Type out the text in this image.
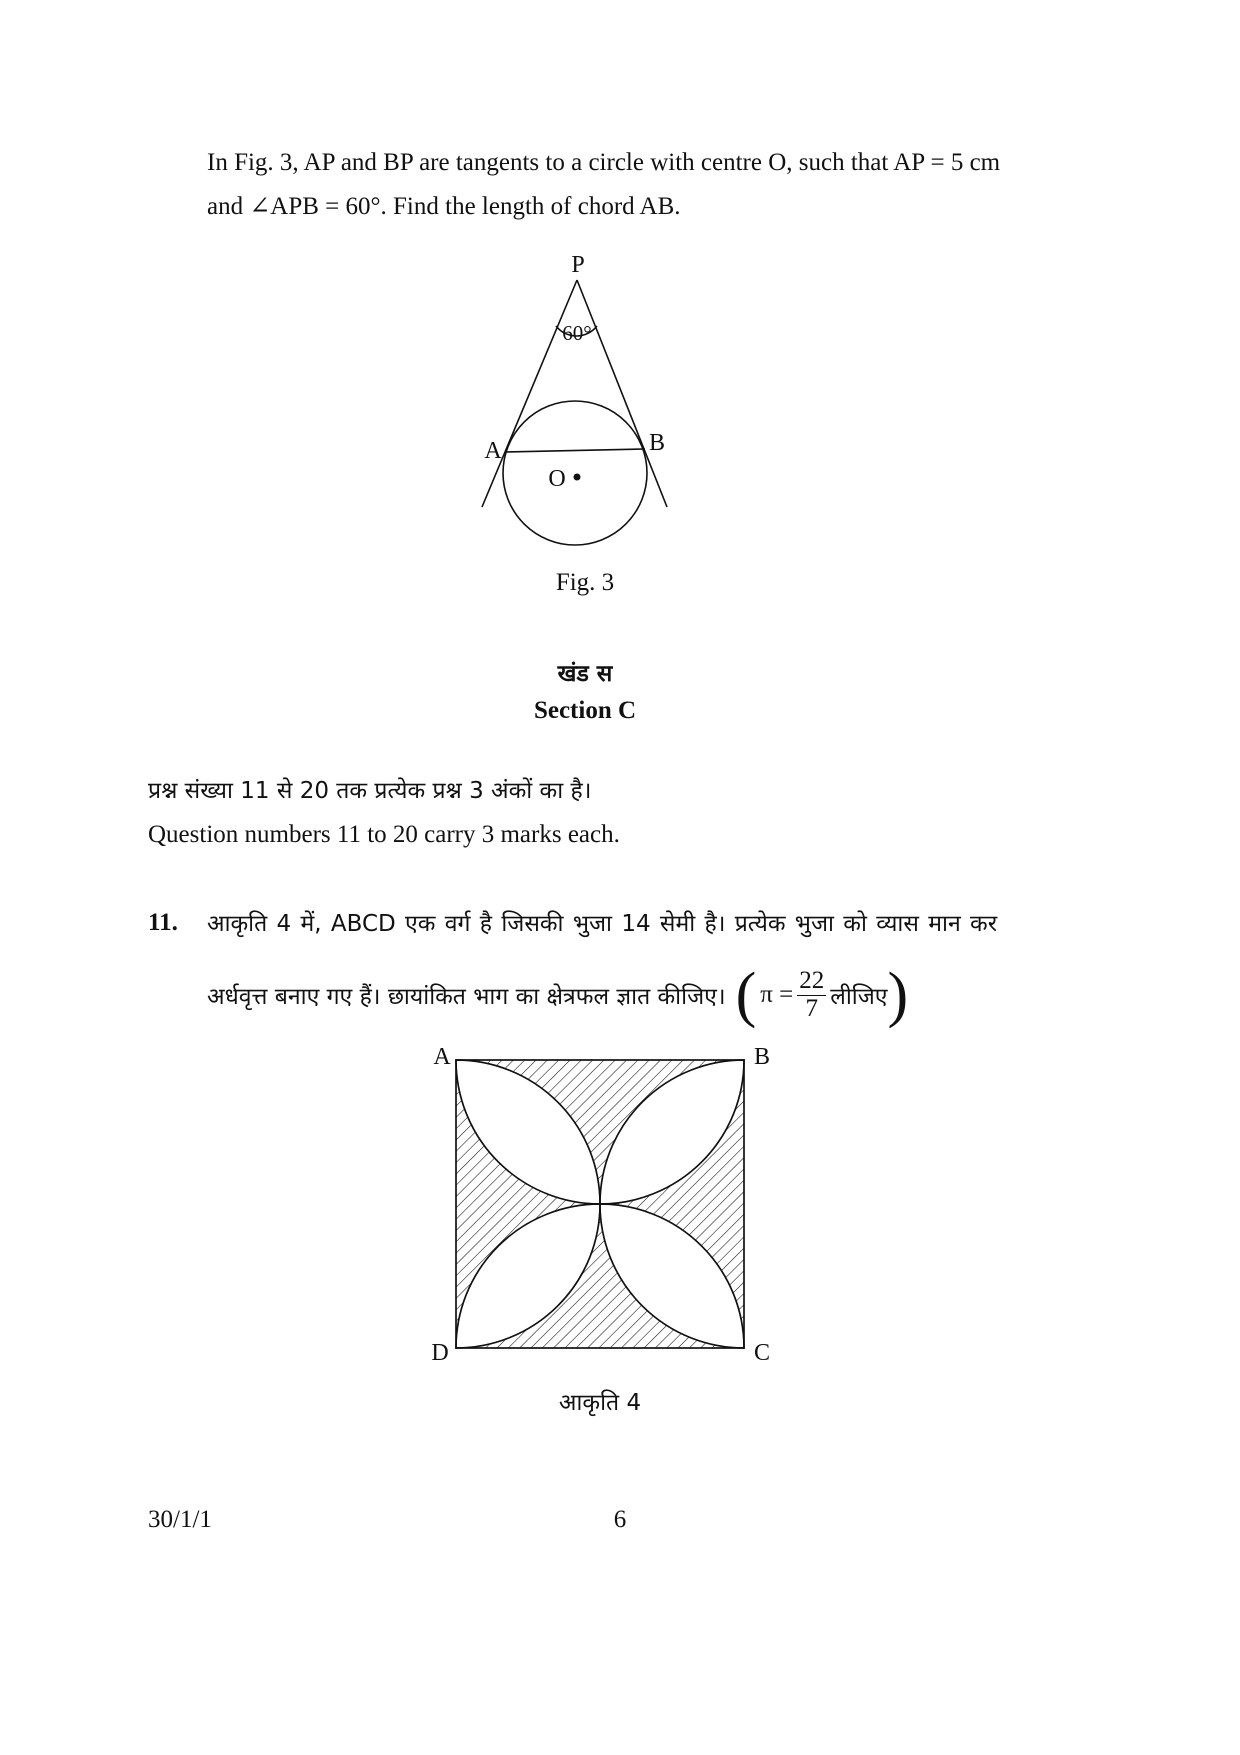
In Fig. 3, AP and BP are tangents to a circle with centre O, such that AP = 5 cm
and ∠APB = 60°. Find the length of chord AB.
P
A	B
O
60°
Fig. 3
खंड स
Section C
प्रश्न संख्या 11 से 20 तक प्रत्येक प्रश्न 3 अंकों का है।
Question numbers 11 to 20 carry 3 marks each.
11. आकृति 4 में, ABCD एक वर्ग है जिसकी भुजा 14 सेमी है। प्रत्येक भुजा को व्यास मान कर
अर्धवृत्त बनाए गए हैं। छायांकित भाग का क्षेत्रफल ज्ञात कीजिए। ( $\pi = \frac{22}{7}$ लीजिए )
A	B
C
D
आकृति 4
30/1/1	6
